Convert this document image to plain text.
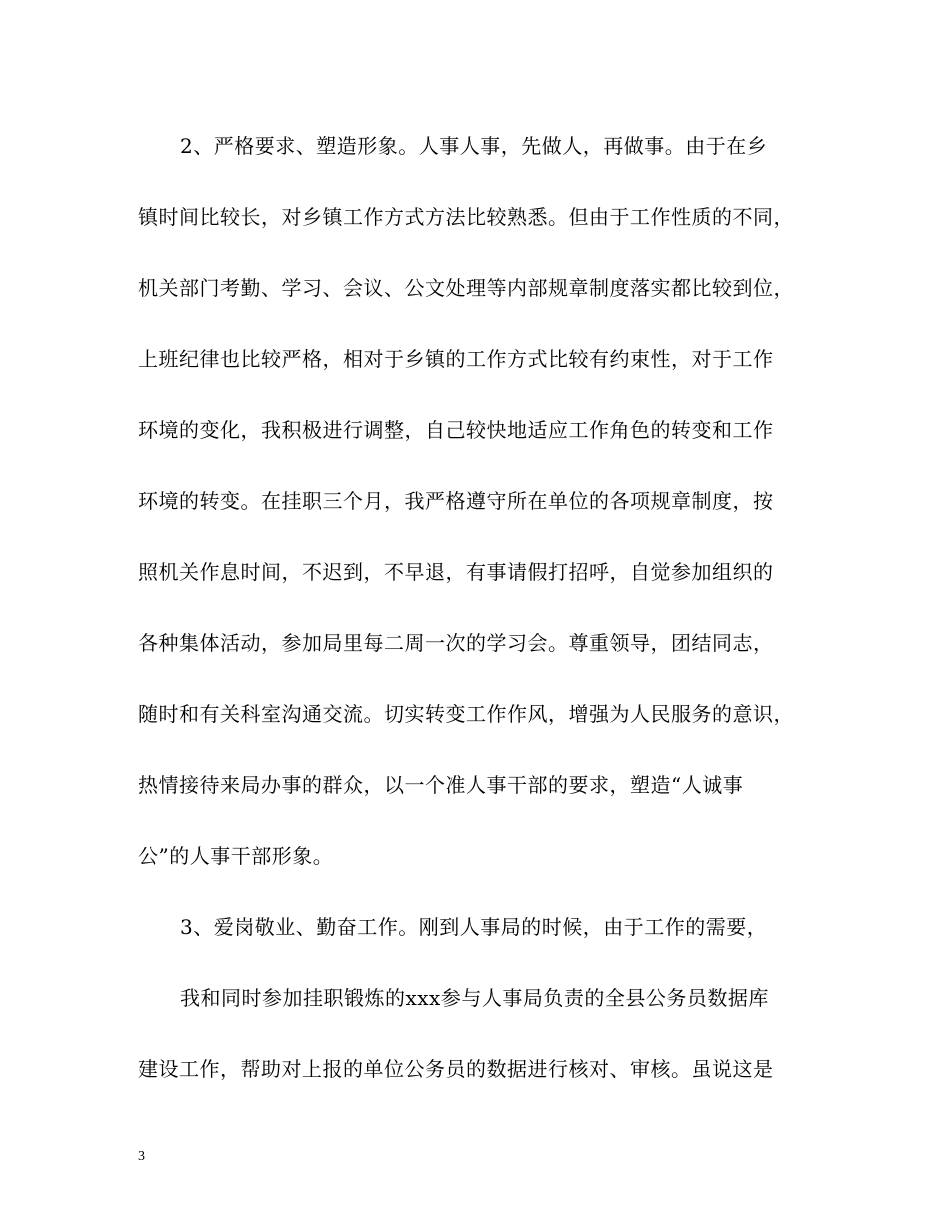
2、严格要求、塑造形象。人事人事，先做人，再做事。由于在乡
镇时间比较长，对乡镇工作方式方法比较熟悉。但由于工作性质的不同，
机关部门考勤、学习、会议、公文处理等内部规章制度落实都比较到位，
上班纪律也比较严格，相对于乡镇的工作方式比较有约束性，对于工作
环境的变化，我积极进行调整，自己较快地适应工作角色的转变和工作
环境的转变。在挂职三个月，我严格遵守所在单位的各项规章制度，按
照机关作息时间，不迟到，不早退，有事请假打招呼，自觉参加组织的
各种集体活动，参加局里每二周一次的学习会。尊重领导，团结同志，
随时和有关科室沟通交流。切实转变工作作风，增强为人民服务的意识，
热情接待来局办事的群众，以一个准人事干部的要求，塑造“人诚事
公”的人事干部形象。
3、爱岗敬业、勤奋工作。刚到人事局的时候，由于工作的需要，
我和同时参加挂职锻炼的xxx参与人事局负责的全县公务员数据库
建设工作，帮助对上报的单位公务员的数据进行核对、审核。虽说这是
3
